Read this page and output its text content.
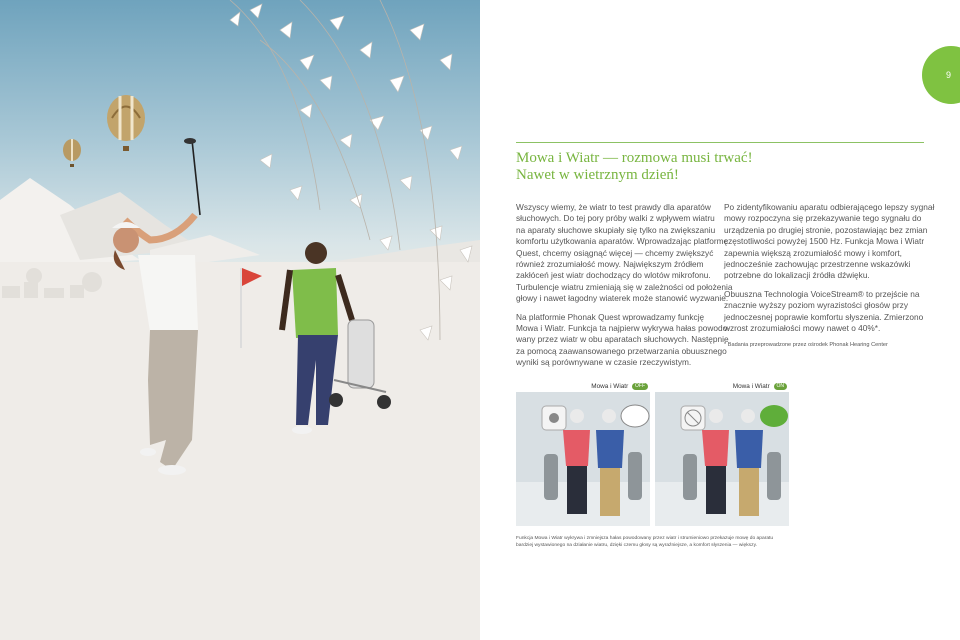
9
Mowa i Wiatr — rozmowa musi trwać!
Nawet w wietrznym dzień!

Wszyscy wiemy, że wiatr to test prawdy dla aparatów
słuchowych. Do tej pory próby walki z wpływem wiatru
na aparaty słuchowe skupiały się tylko na zwiększaniu
komfortu użytkowania aparatów. Wprowadzając platformę
Quest, chcemy osiągnąć więcej — chcemy zwiększyć
również zrozumiałość mowy. Największym źródłem
zakłóceń jest wiatr dochodzący do wlotów mikrofonu.
Turbulencje wiatru zmieniają się w zależności od położenia
głowy i nawet łagodny wiaterek może stanowić wyzwanie.

Na platformie Phonak Quest wprowadzamy funkcję
Mowa i Wiatr. Funkcja ta najpierw wykrywa hałas powodo-
wany przez wiatr w obu aparatach słuchowych. Następnie
za pomocą zaawansowanego przetwarzania obuusznego
wyniki są porównywane w czasie rzeczywistym.

Po zidentyfikowaniu aparatu odbierającego lepszy sygnał
mowy rozpoczyna się przekazywanie tego sygnału do
urządzenia po drugiej stronie, pozostawiając bez zmian
częstotliwości powyżej 1500 Hz. Funkcja Mowa i Wiatr
zapewnia większą zrozumiałość mowy i komfort,
jednocześnie zachowując przestrzenne wskazówki
potrzebne do lokalizacji źródła dźwięku.

Obuuszna Technologia VoiceStream® to przejście na
znacznie wyższy poziom wyrazistości głosów przy
jednoczesnej poprawie komfortu słyszenia. Zmierzono
wzrost zrozumiałości mowy nawet o 40%*.

* Badania przeprowadzone przez ośrodek Phonak Hearing Center

Mowa i Wiatr OFF	Mowa i Wiatr ON

Funkcja Mowa i Wiatr wykrywa i zmniejsza hałas powodowany przez wiatr i strumieniowo przekazuje mowę do aparatu
bardziej wystawionego na działanie wiatru, dzięki czemu głosy są wyraźniejsze, a komfort słyszenia — większy.
